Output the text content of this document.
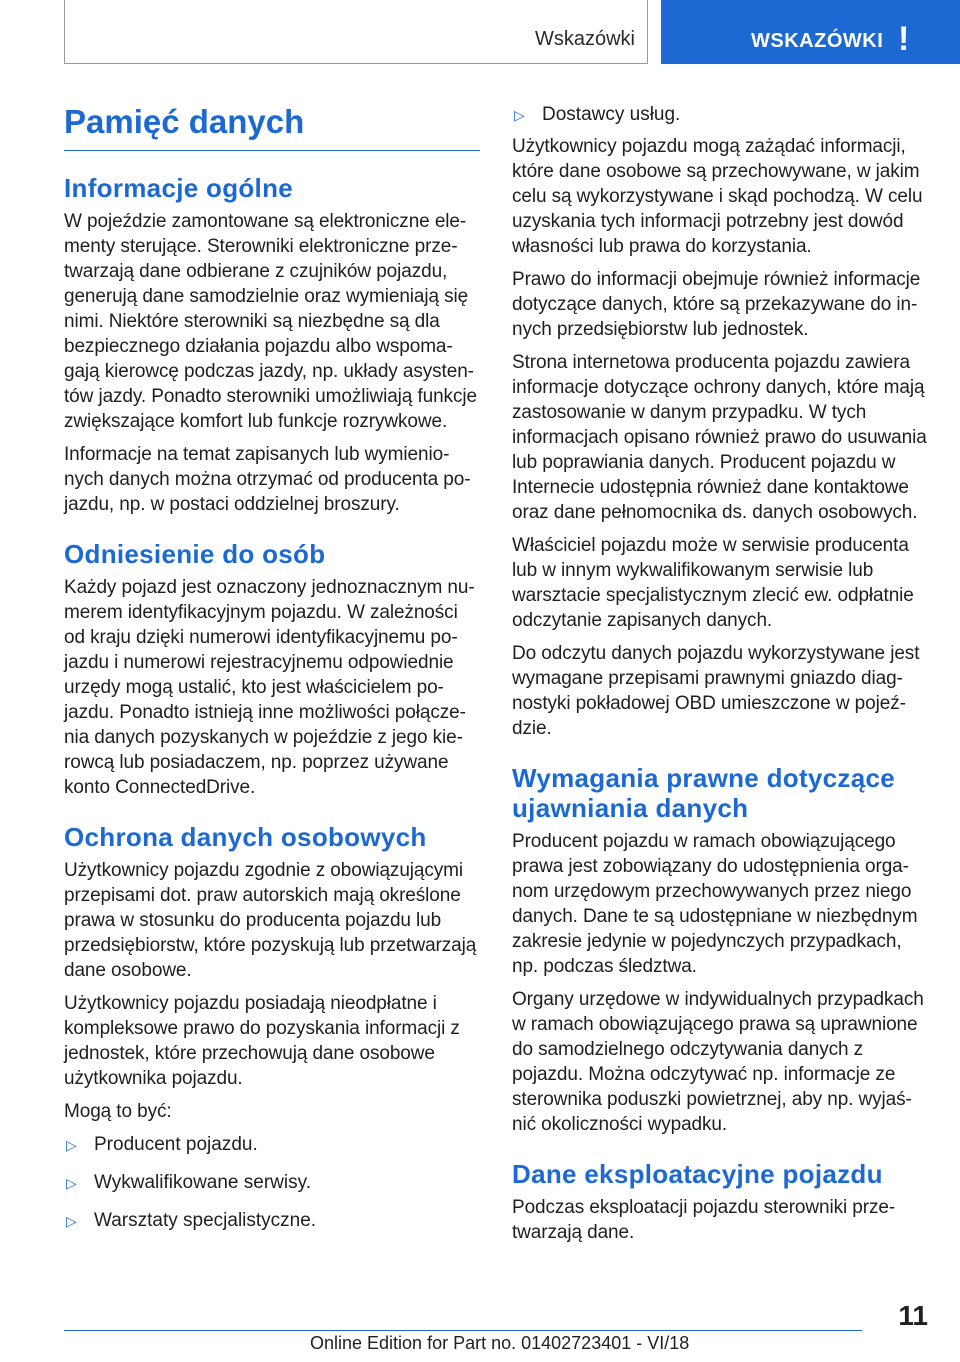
Wskazówki	WSKAZÓWKI !
Pamięć danych
Informacje ogólne

W pojeździe zamontowane są elektroniczne elementy sterujące. Sterowniki elektroniczne przetwarzają dane odbierane z czujników pojazdu, generują dane samodzielnie oraz wymieniają się nimi. Niektóre sterowniki są niezbędne są dla bezpiecznego działania pojazdu albo wspomagają kierowcę podczas jazdy, np. układy asystentów jazdy. Ponadto sterowniki umożliwiają funkcje zwiększające komfort lub funkcje rozrywkowe.

Informacje na temat zapisanych lub wymienionych danych można otrzymać od producenta pojazdu, np. w postaci oddzielnej broszury.

Odniesienie do osób

Każdy pojazd jest oznaczony jednoznacznym numerem identyfikacyjnym pojazdu. W zależności od kraju dzięki numerowi identyfikacyjnemu pojazdu i numerowi rejestracyjnemu odpowiednie urzędy mogą ustalić, kto jest właścicielem pojazdu. Ponadto istnieją inne możliwości połączenia danych pozyskanych w pojeździe z jego kierowcą lub posiadaczem, np. poprzez używane konto ConnectedDrive.

Ochrona danych osobowych

Użytkownicy pojazdu zgodnie z obowiązującymi przepisami dot. praw autorskich mają określone prawa w stosunku do producenta pojazdu lub przedsiębiorstw, które pozyskują lub przetwarzają dane osobowe.

Użytkownicy pojazdu posiadają nieodpłatne i kompleksowe prawo do pozyskania informacji z jednostek, które przechowują dane osobowe użytkownika pojazdu.

Mogą to być:

▷ Producent pojazdu.
▷ Wykwalifikowane serwisy.
▷ Warsztaty specjalistyczne.
▷ Dostawcy usług.

Użytkownicy pojazdu mogą zażądać informacji, które dane osobowe są przechowywane, w jakim celu są wykorzystywane i skąd pochodzą. W celu uzyskania tych informacji potrzebny jest dowód własności lub prawa do korzystania.

Prawo do informacji obejmuje również informacje dotyczące danych, które są przekazywane do innych przedsiębiorstw lub jednostek.

Strona internetowa producenta pojazdu zawiera informacje dotyczące ochrony danych, które mają zastosowanie w danym przypadku. W tych informacjach opisano również prawo do usuwania lub poprawiania danych. Producent pojazdu w Internecie udostępnia również dane kontaktowe oraz dane pełnomocnika ds. danych osobowych.

Właściciel pojazdu może w serwisie producenta lub w innym wykwalifikowanym serwisie lub warsztacie specjalistycznym zlecić ew. odpłatnie odczytanie zapisanych danych.

Do odczytu danych pojazdu wykorzystywane jest wymagane przepisami prawnymi gniazdo diagnostyki pokładowej OBD umieszczone w pojeździe.

Wymagania prawne dotyczące ujawniania danych

Producent pojazdu w ramach obowiązującego prawa jest zobowiązany do udostępnienia organom urzędowym przechowywanych przez niego danych. Dane te są udostępniane w niezbędnym zakresie jedynie w pojedynczych przypadkach, np. podczas śledztwa.

Organy urzędowe w indywidualnych przypadkach w ramach obowiązującego prawa są uprawnione do samodzielnego odczytywania danych z pojazdu. Można odczytywać np. informacje ze sterownika poduszki powietrznej, aby np. wyjaśnić okoliczności wypadku.

Dane eksploatacyjne pojazdu

Podczas eksploatacji pojazdu sterowniki przetwarzają dane.

11
Online Edition for Part no. 01402723401 - VI/18
